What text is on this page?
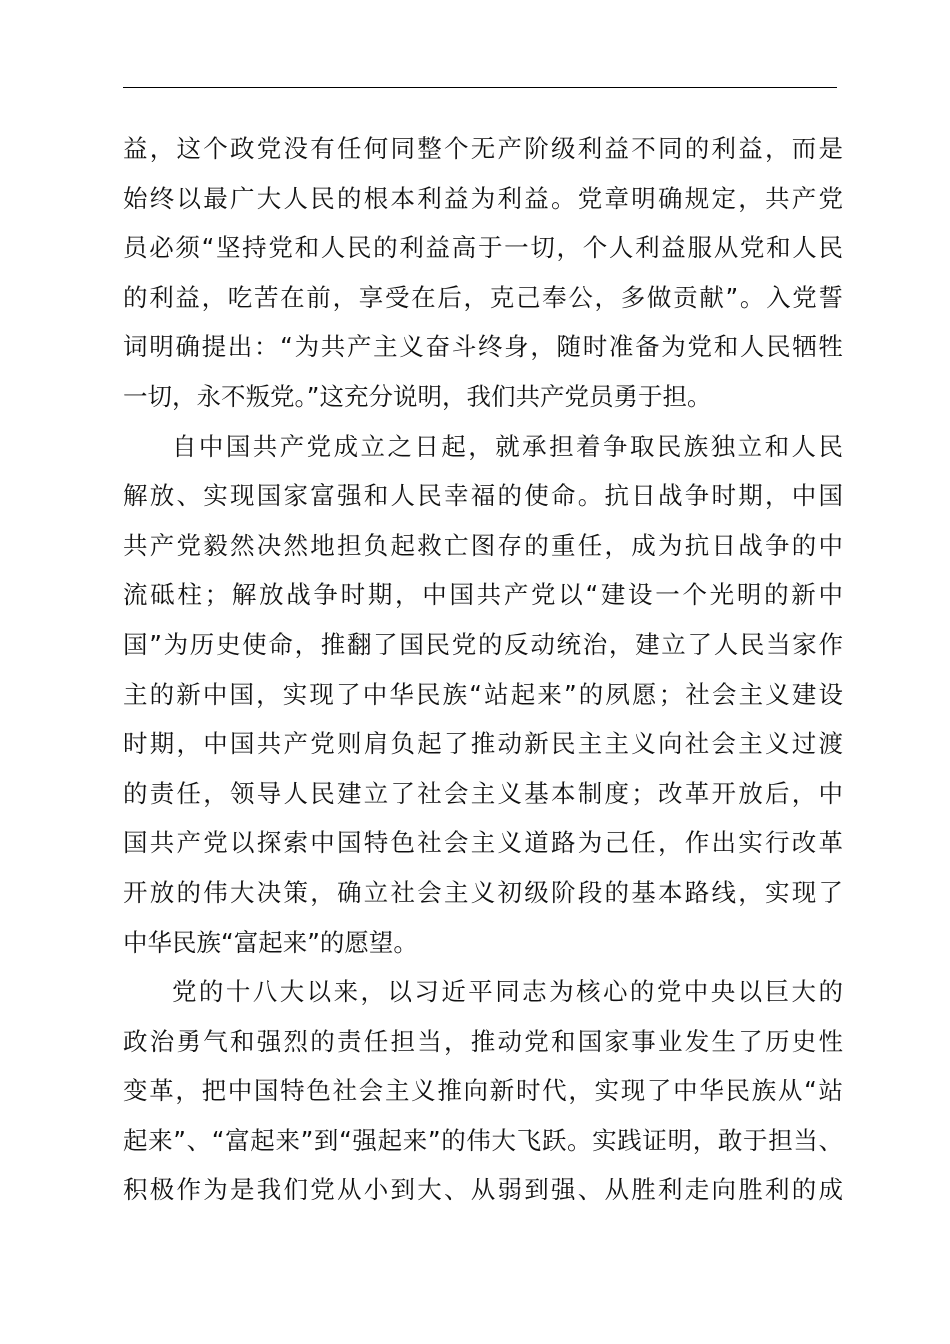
益，这个政党没有任何同整个无产阶级利益不同的利益，而是
始终以最广大人民的根本利益为利益。党章明确规定，共产党
员必须“坚持党和人民的利益高于一切，个人利益服从党和人民
的利益，吃苦在前，享受在后，克己奉公，多做贡献”。入党誓
词明确提出：“为共产主义奋斗终身，随时准备为党和人民牺牲
一切，永不叛党。”这充分说明，我们共产党员勇于担。
自中国共产党成立之日起，就承担着争取民族独立和人民
解放、实现国家富强和人民幸福的使命。抗日战争时期，中国
共产党毅然决然地担负起救亡图存的重任，成为抗日战争的中
流砥柱；解放战争时期，中国共产党以“建设一个光明的新中
国”为历史使命，推翻了国民党的反动统治，建立了人民当家作
主的新中国，实现了中华民族“站起来”的夙愿；社会主义建设
时期，中国共产党则肩负起了推动新民主主义向社会主义过渡
的责任，领导人民建立了社会主义基本制度；改革开放后，中
国共产党以探索中国特色社会主义道路为己任，作出实行改革
开放的伟大决策，确立社会主义初级阶段的基本路线，实现了
中华民族“富起来”的愿望。
党的十八大以来，以习近平同志为核心的党中央以巨大的
政治勇气和强烈的责任担当，推动党和国家事业发生了历史性
变革，把中国特色社会主义推向新时代，实现了中华民族从“站
起来”、“富起来”到“强起来”的伟大飞跃。实践证明，敢于担当、
积极作为是我们党从小到大、从弱到强、从胜利走向胜利的成
